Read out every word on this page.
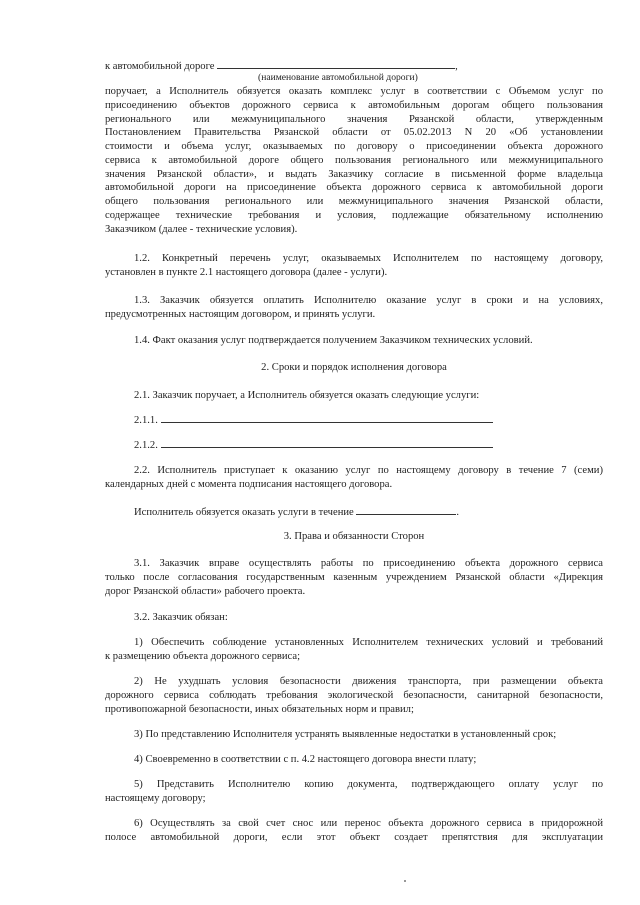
к автомобильной дороге	,
(наименование автомобильной дороги)
поручает, а Исполнитель обязуется оказать комплекс услуг в соответствии с Объемом услуг по
присоединению объектов дорожного сервиса к автомобильным дорогам общего пользования
регионального или межмуниципального значения Рязанской области, утвержденным
Постановлением Правительства Рязанской области от 05.02.2013 N 20 «Об установлении
стоимости и объема услуг, оказываемых по договору о присоединении объекта дорожного
сервиса к автомобильной дороге общего пользования регионального или межмуниципального
значения Рязанской области», и выдать Заказчику согласие в письменной форме владельца
автомобильной дороги на присоединение объекта дорожного сервиса к автомобильной дороги
общего пользования регионального или межмуниципального значения Рязанской области,
содержащее технические требования и условия, подлежащие обязательному исполнению
Заказчиком (далее - технические условия).
1.2. Конкретный перечень услуг, оказываемых Исполнителем по настоящему договору,
установлен в пункте 2.1 настоящего договора (далее - услуги).
1.3. Заказчик обязуется оплатить Исполнителю оказание услуг в сроки и на условиях,
предусмотренных настоящим договором, и принять услуги.
1.4. Факт оказания услуг подтверждается получением Заказчиком технических условий.
2. Сроки и порядок исполнения договора
2.1. Заказчик поручает, а Исполнитель обязуется оказать следующие услуги:
2.1.1.
2.1.2.
2.2. Исполнитель приступает к оказанию услуг по настоящему договору в течение 7 (семи)
календарных дней с момента подписания настоящего договора.
Исполнитель обязуется оказать услуги в течение	.
3. Права и обязанности Сторон
3.1. Заказчик вправе осуществлять работы по присоединению объекта дорожного сервиса
только после согласования государственным казенным учреждением Рязанской области «Дирекция
дорог Рязанской области» рабочего проекта.
3.2. Заказчик обязан:
1) Обеспечить соблюдение установленных Исполнителем технических условий и требований
к размещению объекта дорожного сервиса;
2) Не ухудшать условия безопасности движения транспорта, при размещении объекта
дорожного сервиса соблюдать требования экологической безопасности, санитарной безопасности,
противопожарной безопасности, иных обязательных норм и правил;
3) По представлению Исполнителя устранять выявленные недостатки в установленный срок;
4) Своевременно в соответствии с п. 4.2 настоящего договора внести плату;
5) Представить Исполнителю копию документа, подтверждающего оплату услуг по
настоящему договору;
6) Осуществлять за свой счет снос или перенос объекта дорожного сервиса в придорожной
полосе автомобильной дороги, если этот объект создает препятствия для эксплуатации
